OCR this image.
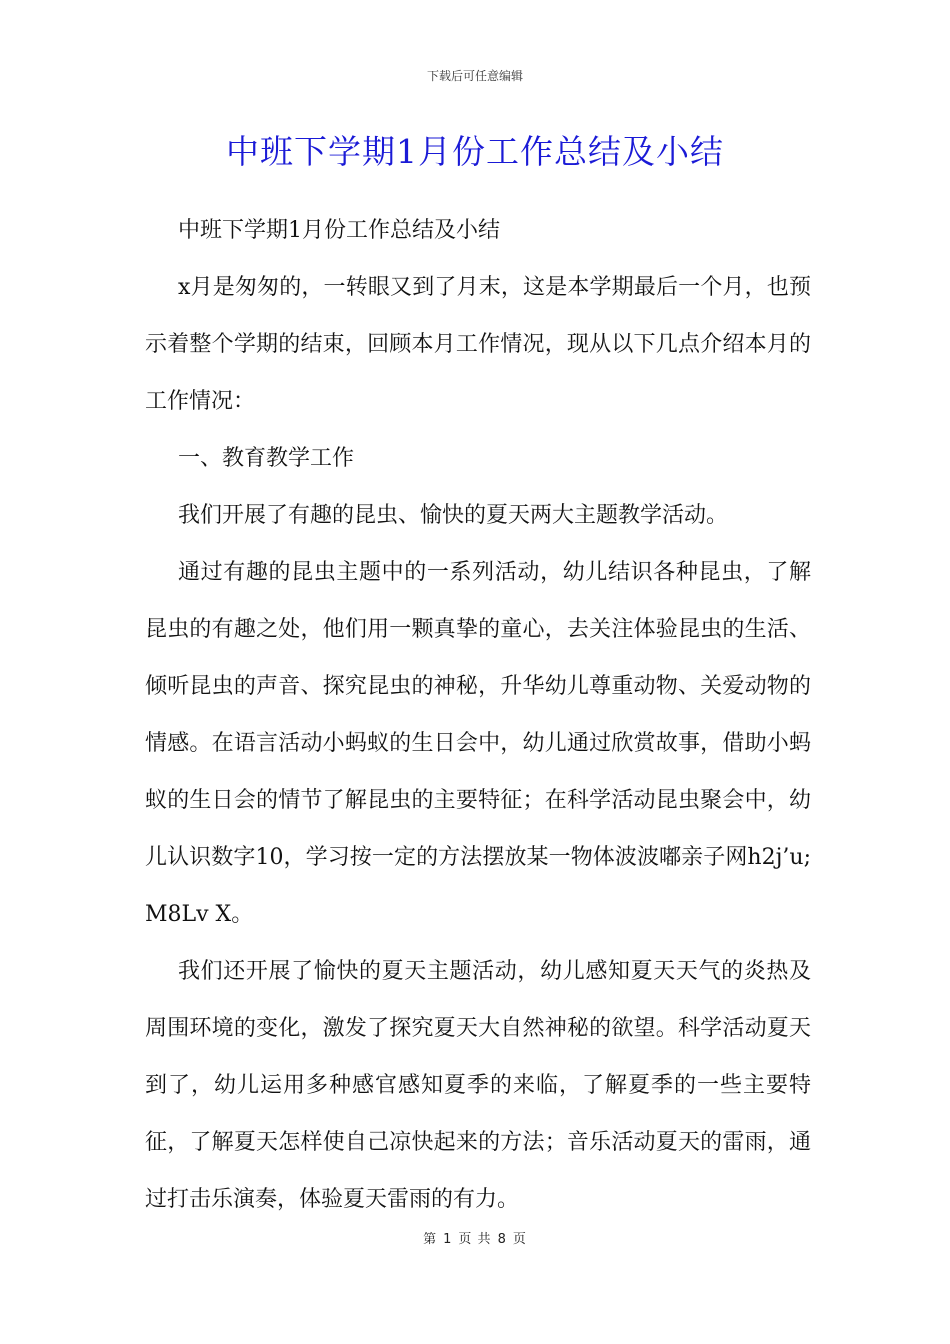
下载后可任意编辑
中班下学期1月份工作总结及小结

中班下学期1月份工作总结及小结

x月是匆匆的，一转眼又到了月末，这是本学期最后一个月，也预示着整个学期的结束，回顾本月工作情况，现从以下几点介绍本月的工作情况：

一、教育教学工作

我们开展了有趣的昆虫、愉快的夏天两大主题教学活动。

通过有趣的昆虫主题中的一系列活动，幼儿结识各种昆虫，了解昆虫的有趣之处，他们用一颗真挚的童心，去关注体验昆虫的生活、倾听昆虫的声音、探究昆虫的神秘，升华幼儿尊重动物、关爱动物的情感。在语言活动小蚂蚁的生日会中，幼儿通过欣赏故事，借助小蚂蚁的生日会的情节了解昆虫的主要特征；在科学活动昆虫聚会中，幼儿认识数字10，学习按一定的方法摆放某一物体波波嘟亲子网h2j’u;M8Lv X。

我们还开展了愉快的夏天主题活动，幼儿感知夏天天气的炎热及周围环境的变化，激发了探究夏天大自然神秘的欲望。科学活动夏天到了，幼儿运用多种感官感知夏季的来临，了解夏季的一些主要特征，了解夏天怎样使自己凉快起来的方法；音乐活动夏天的雷雨，通过打击乐演奏，体验夏天雷雨的有力。

第 1 页 共 8 页
